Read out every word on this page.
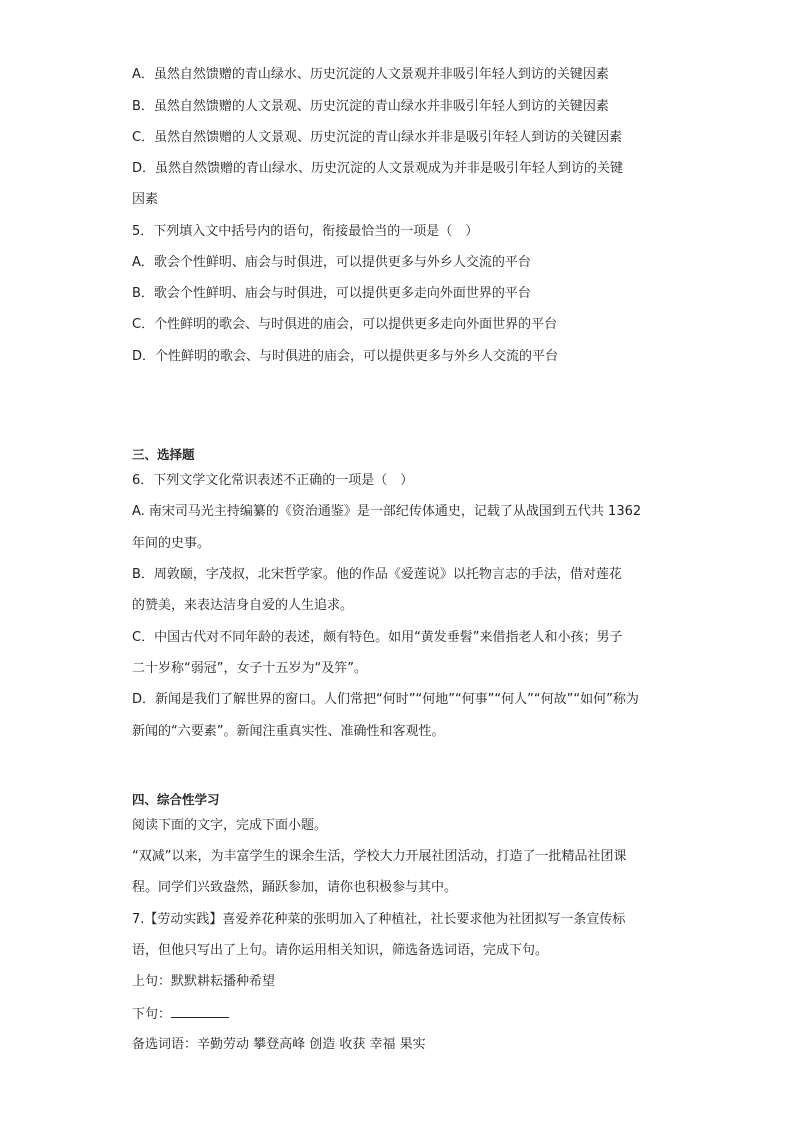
A．虽然自然馈赠的青山绿水、历史沉淀的人文景观并非吸引年轻人到访的关键因素
B．虽然自然馈赠的人文景观、历史沉淀的青山绿水并非吸引年轻人到访的关键因素
C．虽然自然馈赠的人文景观、历史沉淀的青山绿水并非是吸引年轻人到访的关键因素
D．虽然自然馈赠的青山绿水、历史沉淀的人文景观成为并非是吸引年轻人到访的关键
因素
5．下列填入文中括号内的语句，衔接最恰当的一项是（　）
A．歌会个性鲜明、庙会与时俱进，可以提供更多与外乡人交流的平台
B．歌会个性鲜明、庙会与时俱进，可以提供更多走向外面世界的平台
C．个性鲜明的歌会、与时俱进的庙会，可以提供更多走向外面世界的平台
D．个性鲜明的歌会、与时俱进的庙会，可以提供更多与外乡人交流的平台
三、选择题
6．下列文学文化常识表述不正确的一项是（　）
A. 南宋司马光主持编纂的《资治通鉴》是一部纪传体通史，记载了从战国到五代共 1362
年间的史事。
B．周敦颐，字茂叔，北宋哲学家。他的作品《爱莲说》以托物言志的手法，借对莲花
的赞美，来表达洁身自爱的人生追求。
C．中国古代对不同年龄的表述，颇有特色。如用“黄发垂髫”来借指老人和小孩；男子
二十岁称“弱冠”，女子十五岁为“及笄”。
D．新闻是我们了解世界的窗口。人们常把“何时”“何地”“何事”“何人”“何故”“如何”称为
新闻的“六要素”。新闻注重真实性、准确性和客观性。
四、综合性学习
阅读下面的文字，完成下面小题。
“双减”以来，为丰富学生的课余生活，学校大力开展社团活动，打造了一批精品社团课
程。同学们兴致盎然，踊跃参加，请你也积极参与其中。
7.【劳动实践】喜爱养花种菜的张明加入了种植社，社长要求他为社团拟写一条宣传标
语，但他只写出了上句。请你运用相关知识，筛选备选词语，完成下句。
上句：默默耕耘播种希望
下句：
备选词语：辛勤劳动 攀登高峰 创造 收获 幸福 果实
